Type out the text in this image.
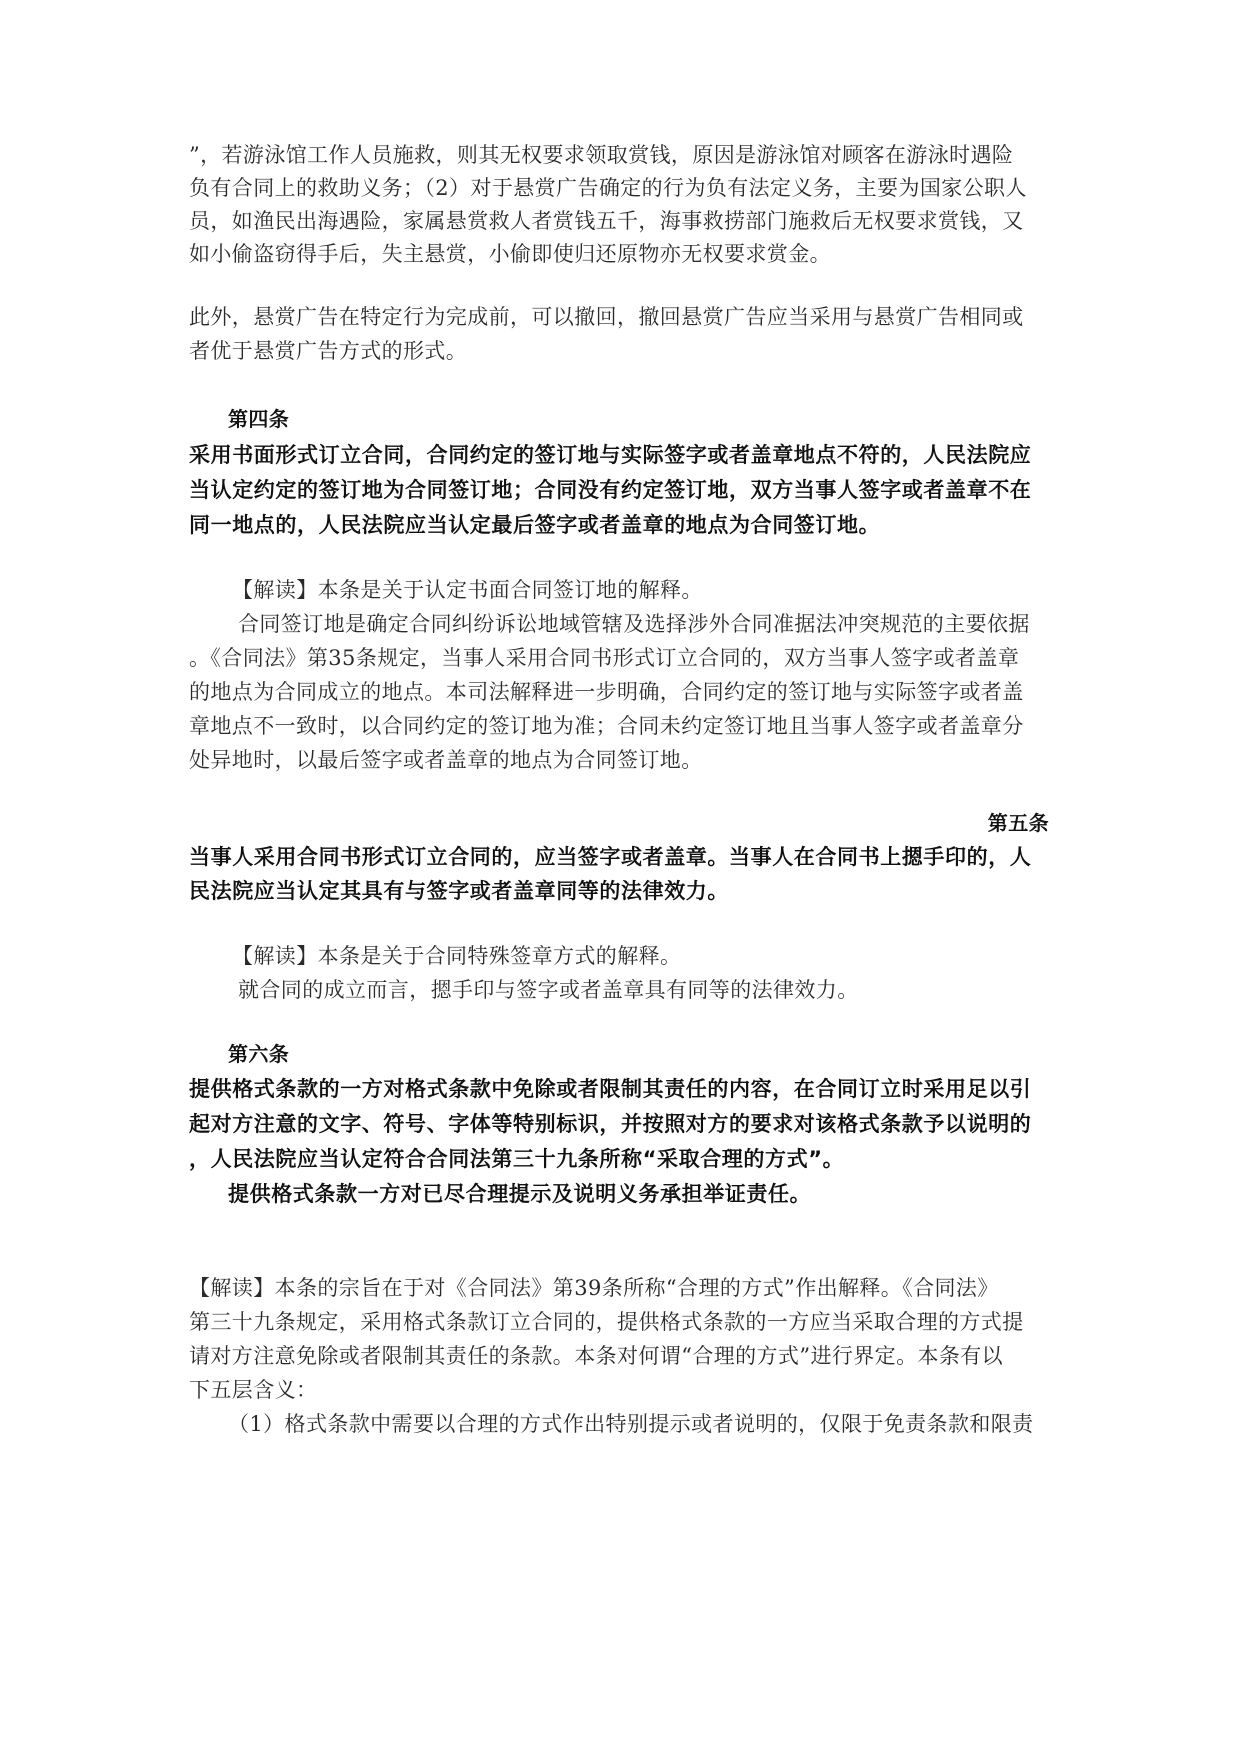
”，若游泳馆工作人员施救，则其无权要求领取赏钱，原因是游泳馆对顾客在游泳时遇险
负有合同上的救助义务；（2）对于悬赏广告确定的行为负有法定义务，主要为国家公职人
员，如渔民出海遇险，家属悬赏救人者赏钱五千，海事救捞部门施救后无权要求赏钱，又
如小偷盗窃得手后，失主悬赏，小偷即使归还原物亦无权要求赏金。
此外，悬赏广告在特定行为完成前，可以撤回，撤回悬赏广告应当采用与悬赏广告相同或
者优于悬赏广告方式的形式。
第四条
采用书面形式订立合同，合同约定的签订地与实际签字或者盖章地点不符的，人民法院应
当认定约定的签订地为合同签订地；合同没有约定签订地，双方当事人签字或者盖章不在
同一地点的，人民法院应当认定最后签字或者盖章的地点为合同签订地。
【解读】本条是关于认定书面合同签订地的解释。
合同签订地是确定合同纠纷诉讼地域管辖及选择涉外合同准据法冲突规范的主要依据
。《合同法》第35条规定，当事人采用合同书形式订立合同的，双方当事人签字或者盖章
的地点为合同成立的地点。本司法解释进一步明确，合同约定的签订地与实际签字或者盖
章地点不一致时，以合同约定的签订地为准；合同未约定签订地且当事人签字或者盖章分
处异地时，以最后签字或者盖章的地点为合同签订地。
第五条
当事人采用合同书形式订立合同的，应当签字或者盖章。当事人在合同书上摁手印的，人
民法院应当认定其具有与签字或者盖章同等的法律效力。
【解读】本条是关于合同特殊签章方式的解释。
就合同的成立而言，摁手印与签字或者盖章具有同等的法律效力。
第六条
提供格式条款的一方对格式条款中免除或者限制其责任的内容，在合同订立时采用足以引
起对方注意的文字、符号、字体等特别标识，并按照对方的要求对该格式条款予以说明的
，人民法院应当认定符合合同法第三十九条所称“采取合理的方式”。
提供格式条款一方对已尽合理提示及说明义务承担举证责任。
【解读】本条的宗旨在于对《合同法》第39条所称“合理的方式”作出解释。《合同法》
第三十九条规定，采用格式条款订立合同的，提供格式条款的一方应当采取合理的方式提
请对方注意免除或者限制其责任的条款。本条对何谓“合理的方式”进行界定。本条有以
下五层含义：
（1）格式条款中需要以合理的方式作出特别提示或者说明的，仅限于免责条款和限责
